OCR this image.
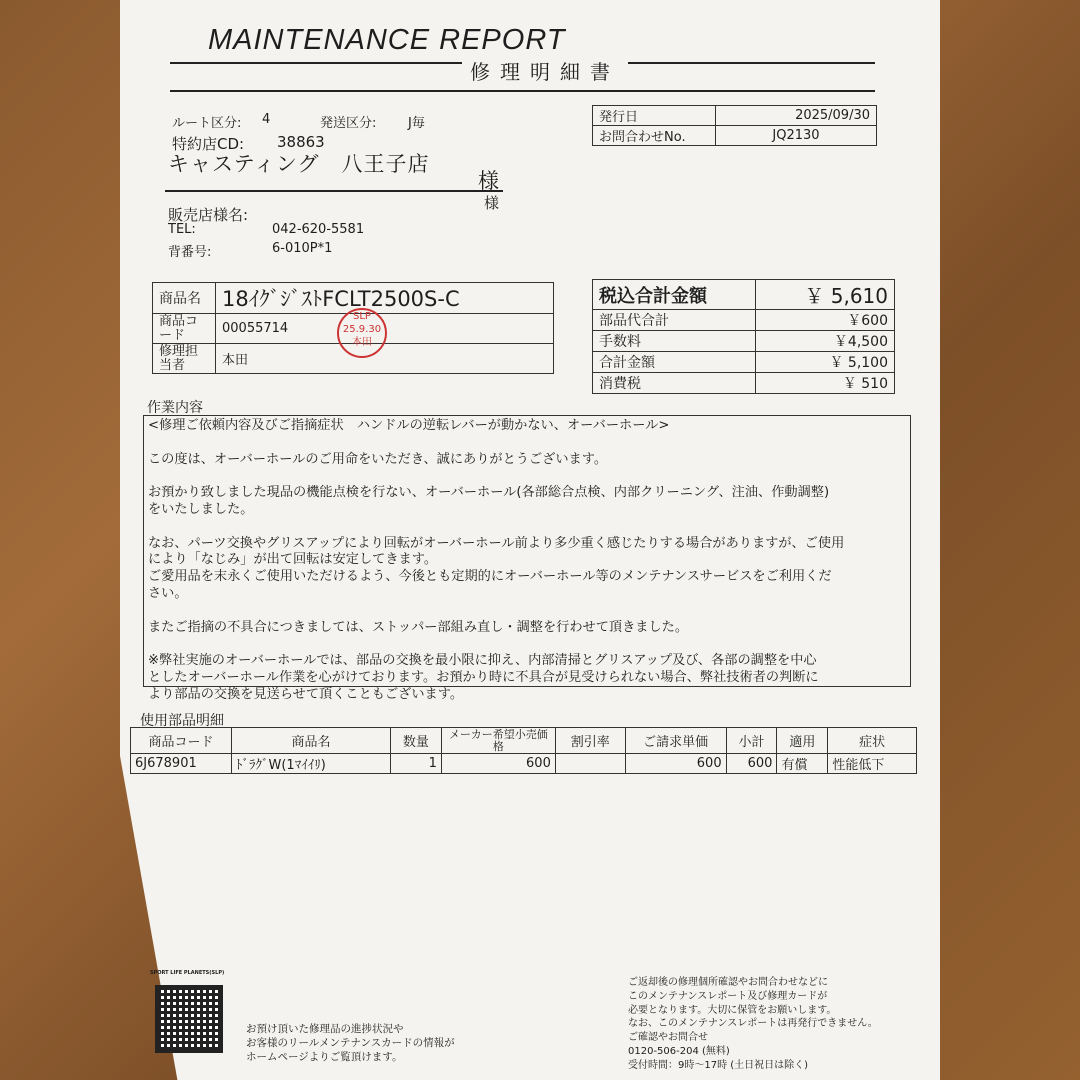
MAINTENANCE REPORT
修理明細書
ルート区分: 4	発送区分: J毎
特約店CD: 38863
キャスティング　八王子店
様
様
販売店様名:
TEL:	042-620-5581
背番号:	6-010P*1
発行日	2025/09/30
お問合わせNo.	JQ2130
商品名	18ｲｸﾞｼﾞｽﾄFCLT2500S-C
商品コード	00055714
修理担当者	本田
SLP
25.9.30
本田
税込合計金額	￥ 5,610
部品代合計	￥600
手数料	￥4,500
合計金額	￥ 5,100
消費税	￥ 510
作業内容
<修理ご依頼内容及びご指摘症状　ハンドルの逆転レバーが動かない、オーバーホール>

この度は、オーバーホールのご用命をいただき、誠にありがとうございます。

お預かり致しました現品の機能点検を行ない、オーバーホール(各部総合点検、内部クリーニング、注油、作動調整)
をいたしました。

なお、パーツ交換やグリスアップにより回転がオーバーホール前より多少重く感じたりする場合がありますが、ご使用
により「なじみ」が出て回転は安定してきます。
ご愛用品を末永くご使用いただけるよう、今後とも定期的にオーバーホール等のメンテナンスサービスをご利用くだ
さい。

またご指摘の不具合につきましては、ストッパー部組み直し・調整を行わせて頂きました。

※弊社実施のオーバーホールでは、部品の交換を最小限に抑え、内部清掃とグリスアップ及び、各部の調整を中心
としたオーバーホール作業を心がけております。お預かり時に不具合が見受けられない場合、弊社技術者の判断に
より部品の交換を見送らせて頂くこともございます。
使用部品明細
商品コード	商品名	数量	メーカー希望小売価格	割引率	ご請求単価	小計	適用	症状
6J678901	ﾄﾞﾗｸﾞW(1ﾏｲｲﾘ)	1	600		600	600	有償	性能低下
SPORT LIFE PLANETS(SLP)
お預け頂いた修理品の進捗状況や
お客様のリールメンテナンスカードの情報が
ホームページよりご覧頂けます。
ご返却後の修理個所確認やお問合わせなどに
このメンテナンスレポート及び修理カードが
必要となります。大切に保管をお願いします。
なお、このメンテナンスレポートは再発行できません。
ご確認やお問合せ
0120-506-204 (無料)
受付時間：9時～17時 (土日祝日は除く)
